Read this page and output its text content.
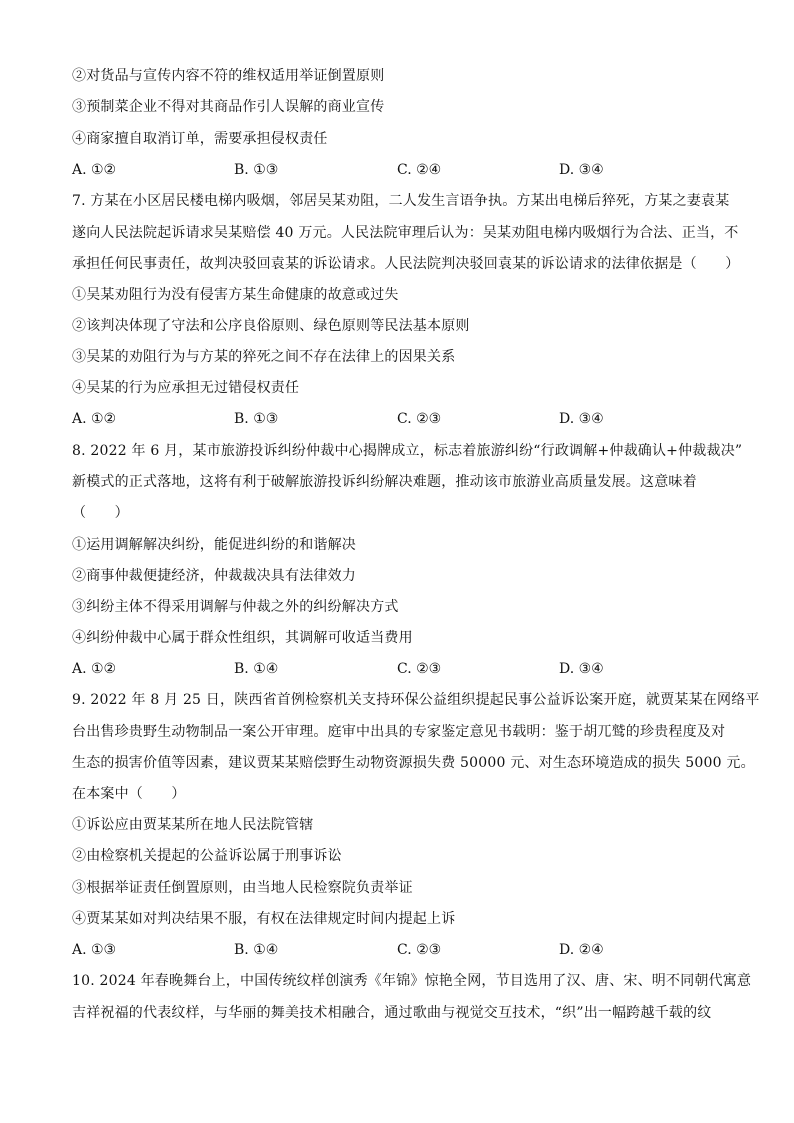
②对货品与宣传内容不符的维权适用举证倒置原则
③预制菜企业不得对其商品作引人误解的商业宣传
④商家擅自取消订单，需要承担侵权责任
A. ①②	B. ①③	C. ②④	D. ③④
7. 方某在小区居民楼电梯内吸烟，邻居吴某劝阻，二人发生言语争执。方某出电梯后猝死，方某之妻袁某
遂向人民法院起诉请求吴某赔偿 40 万元。人民法院审理后认为：吴某劝阻电梯内吸烟行为合法、正当，不
承担任何民事责任，故判决驳回袁某的诉讼请求。人民法院判决驳回袁某的诉讼请求的法律依据是（　　）
①吴某劝阻行为没有侵害方某生命健康的故意或过失
②该判决体现了守法和公序良俗原则、绿色原则等民法基本原则
③吴某的劝阻行为与方某的猝死之间不存在法律上的因果关系
④吴某的行为应承担无过错侵权责任
A. ①②	B. ①③	C. ②③	D. ③④
8. 2022 年 6 月，某市旅游投诉纠纷仲裁中心揭牌成立，标志着旅游纠纷“行政调解+仲裁确认+仲裁裁决”
新模式的正式落地，这将有利于破解旅游投诉纠纷解决难题，推动该市旅游业高质量发展。这意味着
（　　）
①运用调解解决纠纷，能促进纠纷的和谐解决
②商事仲裁便捷经济，仲裁裁决具有法律效力
③纠纷主体不得采用调解与仲裁之外的纠纷解决方式
④纠纷仲裁中心属于群众性组织，其调解可收适当费用
A. ①②	B. ①④	C. ②③	D. ③④
9. 2022 年 8 月 25 日，陕西省首例检察机关支持环保公益组织提起民事公益诉讼案开庭，就贾某某在网络平
台出售珍贵野生动物制品一案公开审理。庭审中出具的专家鉴定意见书载明：鉴于胡兀鹫的珍贵程度及对
生态的损害价值等因素，建议贾某某赔偿野生动物资源损失费 50000 元、对生态环境造成的损失 5000 元。
在本案中（　　）
①诉讼应由贾某某所在地人民法院管辖
②由检察机关提起的公益诉讼属于刑事诉讼
③根据举证责任倒置原则，由当地人民检察院负责举证
④贾某某如对判决结果不服，有权在法律规定时间内提起上诉
A. ①③	B. ①④	C. ②③	D. ②④
10. 2024 年春晚舞台上，中国传统纹样创演秀《年锦》惊艳全网，节目选用了汉、唐、宋、明不同朝代寓意
吉祥祝福的代表纹样，与华丽的舞美技术相融合，通过歌曲与视觉交互技术，“织”出一幅跨越千载的纹
